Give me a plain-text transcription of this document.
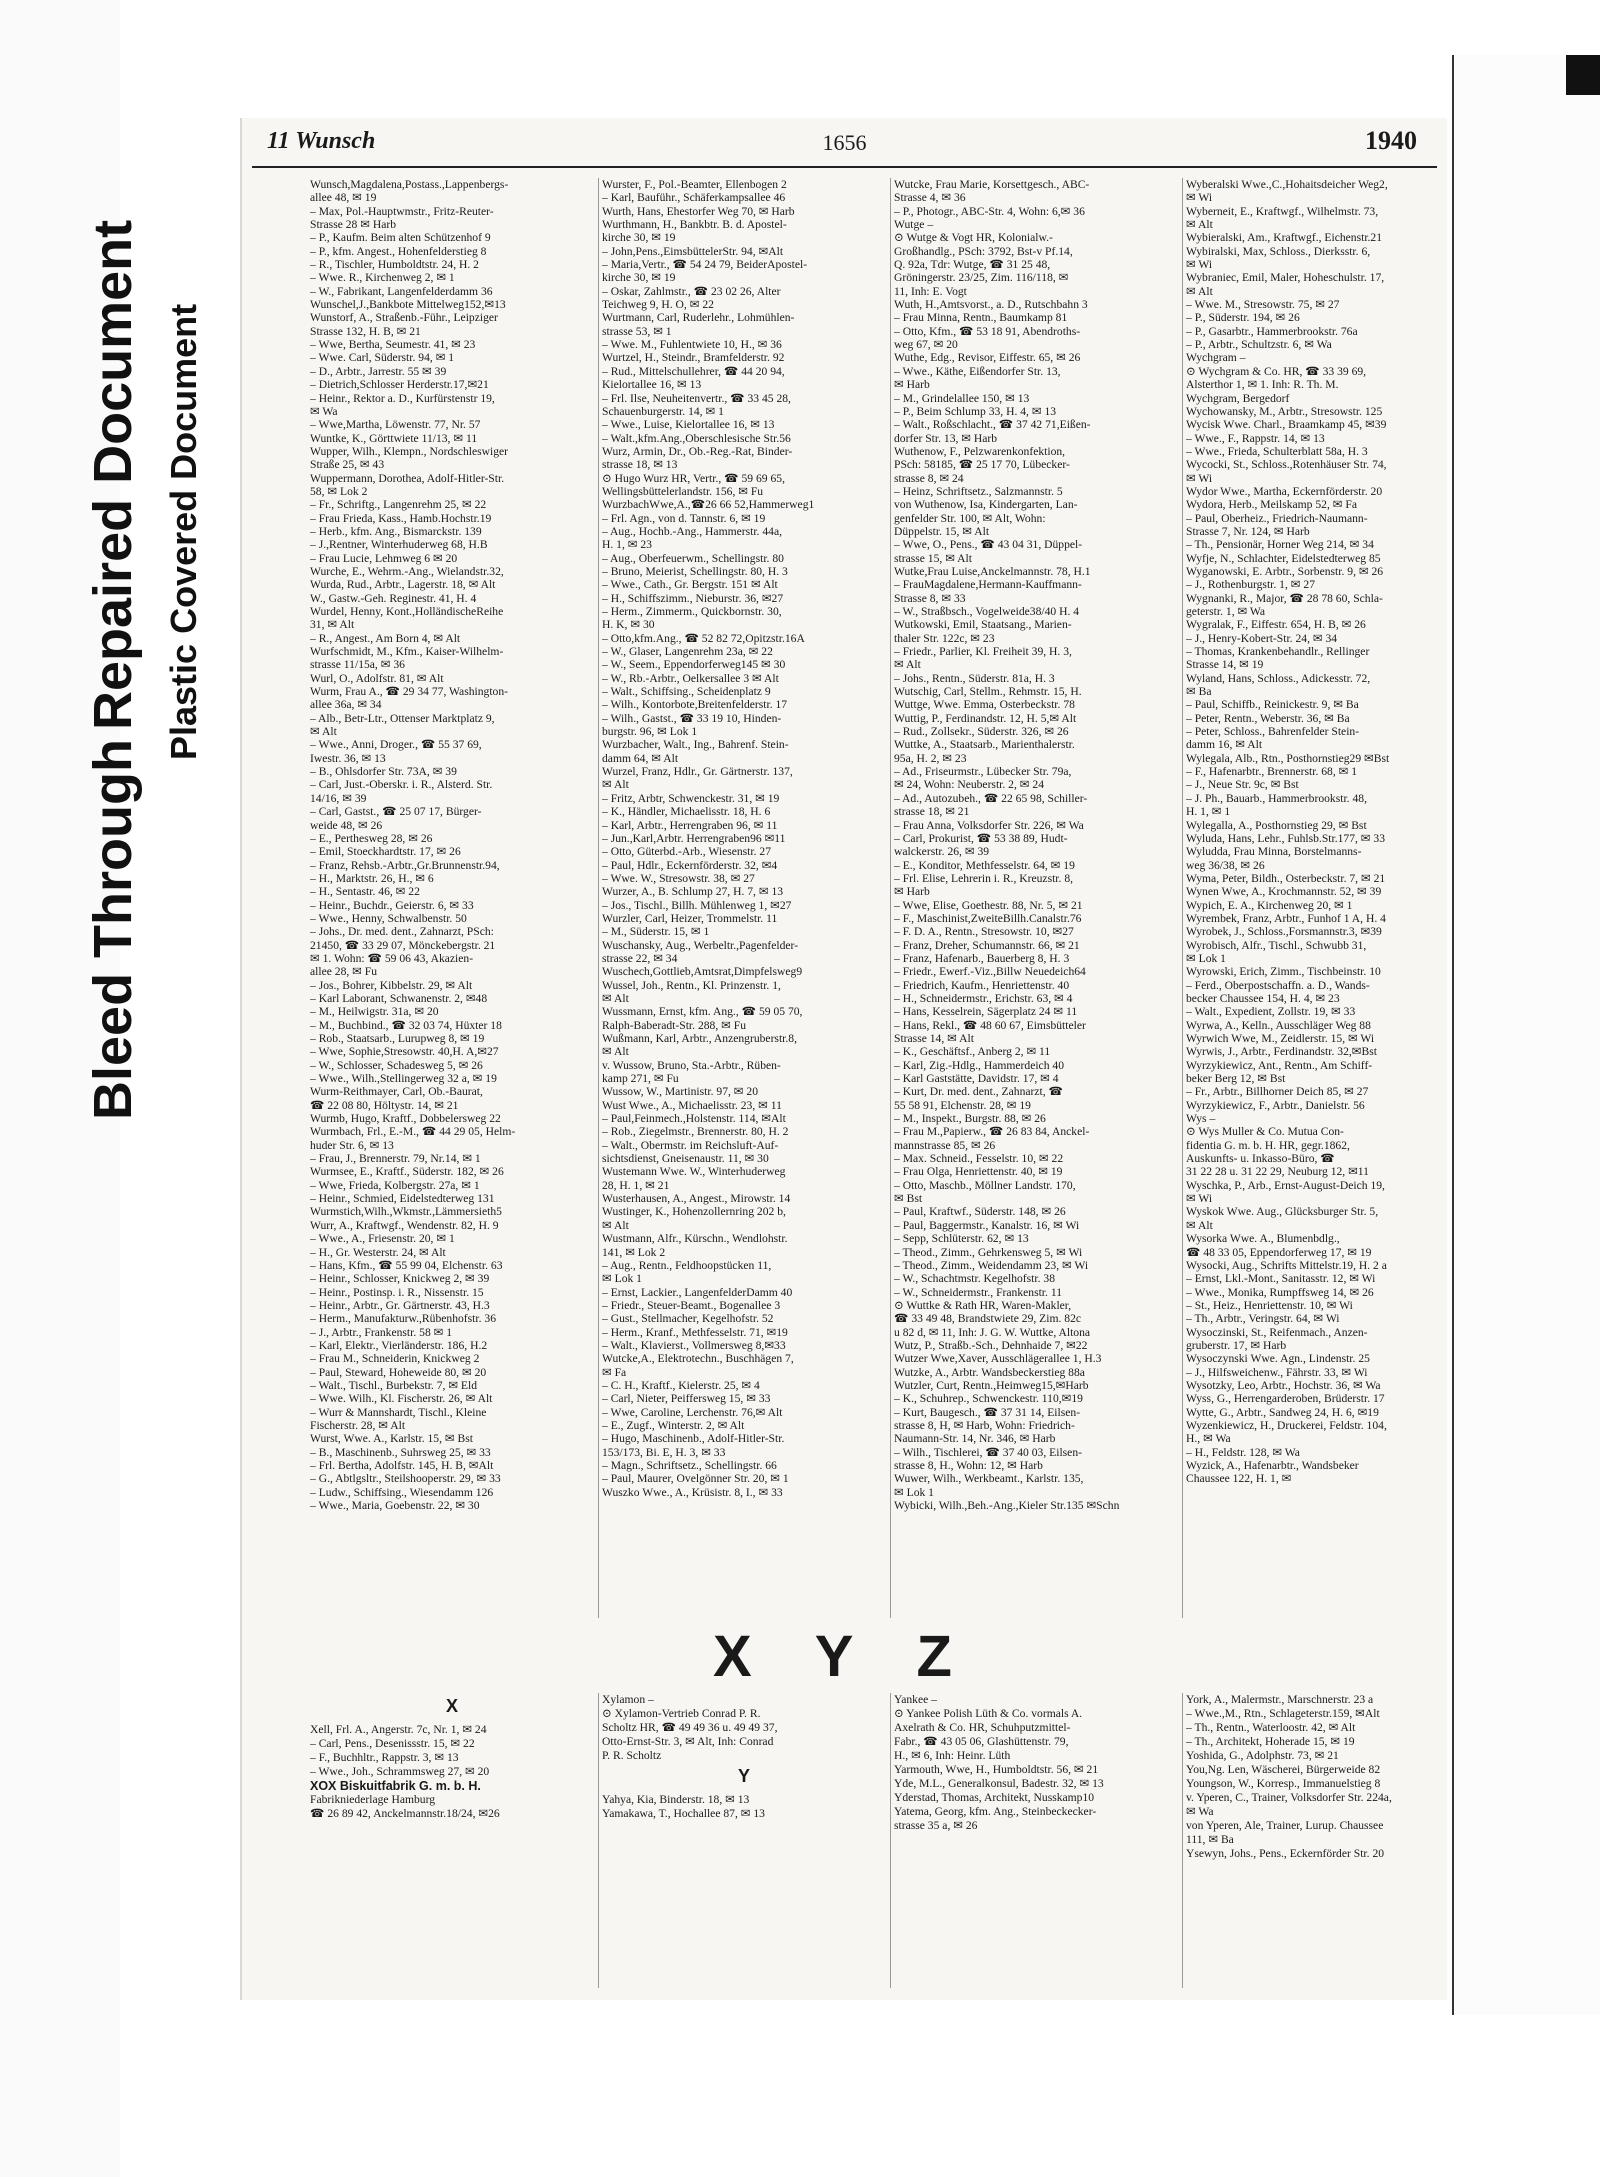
Bleed Through
Repaired Document Plastic Covered Document
11 Wunsch	1656	1940
Wunsch,Magdalena,Postass.,Lappenbergs-
allee 48, ✉ 19
– Max, Pol.-Hauptwmstr., Fritz-Reuter-
Strasse 28 ✉ Harb
– P., Kaufm. Beim alten Schützenhof 9
– P., kfm. Angest., Hohenfelderstieg 8
– R., Tischler, Humboldtstr. 24, H. 2
– Wwe. R., Kirchenweg 2, ✉ 1
– W., Fabrikant, Langenfelderdamm 36
Wunschel,J.,Bankbote Mittelweg152,✉13
Wunstorf, A., Straßenb.-Führ., Leipziger
Strasse 132, H. B, ✉ 21
– Wwe, Bertha, Seumestr. 41, ✉ 23
– Wwe. Carl, Süderstr. 94, ✉ 1
– D., Arbtr., Jarrestr. 55 ✉ 39
– Dietrich,Schlosser Herderstr.17,✉21
– Heinr., Rektor a. D., Kurfürstenstr 19,
✉ Wa
– Wwe,Martha, Löwenstr. 77, Nr. 57
Wuntke, K., Görttwiete 11/13, ✉ 11
Wupper, Wilh., Klempn., Nordschleswiger
Straße 25, ✉ 43
Wuppermann, Dorothea, Adolf-Hitler-Str.
58, ✉ Lok 2
– Fr., Schriftg., Langenrehm 25, ✉ 22
– Frau Frieda, Kass., Hamb.Hochstr.19
– Herb., kfm. Ang., Bismarckstr. 139
– J.,Rentner, Winterhuderweg 68, H.B
– Frau Lucie, Lehmweg 6 ✉ 20
Wurche, E., Wehrm.-Ang., Wielandstr.32,
Wurda, Rud., Arbtr., Lagerstr. 18, ✉ Alt
W., Gastw.-Geh. Reginestr. 41, H. 4
Wurdel, Henny, Kont.,HolländischeReihe
31, ✉ Alt
– R., Angest., Am Born 4, ✉ Alt
Wurfschmidt, M., Kfm., Kaiser-Wilhelm-
strasse 11/15a, ✉ 36
Wurl, O., Adolfstr. 81, ✉ Alt
Wurm, Frau A., ☎ 29 34 77, Washington-
allee 36a, ✉ 34
– Alb., Betr-Ltr., Ottenser Marktplatz 9,
✉ Alt
– Wwe., Anni, Droger., ☎ 55 37 69,
Iwestr. 36, ✉ 13
– B., Ohlsdorfer Str. 73A, ✉ 39
– Carl, Just.-Oberskr. i. R., Alsterd. Str.
14/16, ✉ 39
– Carl, Gastst., ☎ 25 07 17, Bürger-
weide 48, ✉ 26
– E., Perthesweg 28, ✉ 26
– Emil, Stoeckhardtstr. 17, ✉ 26
– Franz, Rehsb.-Arbtr.,Gr.Brunnenstr.94,
– H., Marktstr. 26, H., ✉ 6
– H., Sentastr. 46, ✉ 22
– Heinr., Buchdr., Geierstr. 6, ✉ 33
– Wwe., Henny, Schwalbenstr. 50
– Johs., Dr. med. dent., Zahnarzt, PSch:
21450, ☎ 33 29 07, Mönckebergstr. 21
✉ 1. Wohn: ☎ 59 06 43, Akazien-
allee 28, ✉ Fu
– Jos., Bohrer, Kibbelstr. 29, ✉ Alt
– Karl Laborant, Schwanenstr. 2, ✉48
– M., Heilwigstr. 31a, ✉ 20
– M., Buchbind., ☎ 32 03 74, Hüxter 18
– Rob., Staatsarb., Lurupweg 8, ✉ 19
– Wwe, Sophie,Stresowstr. 40,H. A,✉27
– W., Schlosser, Schadesweg 5, ✉ 26
– Wwe., Wilh.,Stellingerweg 32 a, ✉ 19
Wurm-Reithmayer, Carl, Ob.-Baurat,
☎ 22 08 80, Höltystr. 14, ✉ 21
Wurmb, Hugo, Kraftf., Dobbelersweg 22
Wurmbach, Frl., E.-M., ☎ 44 29 05, Helm-
huder Str. 6, ✉ 13
– Frau, J., Brennerstr. 79, Nr.14, ✉ 1
Wurmsee, E., Kraftf., Süderstr. 182, ✉ 26
– Wwe, Frieda, Kolbergstr. 27a, ✉ 1
– Heinr., Schmied, Eidelstedterweg 131
Wurmstich,Wilh.,Wkmstr.,Lämmersieth5
Wurr, A., Kraftwgf., Wendenstr. 82, H. 9
– Wwe., A., Friesenstr. 20, ✉ 1
– H., Gr. Westerstr. 24, ✉ Alt
– Hans, Kfm., ☎ 55 99 04, Elchenstr. 63
– Heinr., Schlosser, Knickweg 2, ✉ 39
– Heinr., Postinsp. i. R., Nissenstr. 15
– Heinr., Arbtr., Gr. Gärtnerstr. 43, H.3
– Herm., Manufakturw.,Rübenhofstr. 36
– J., Arbtr., Frankenstr. 58 ✉ 1
– Karl, Elektr., Vierländerstr. 186, H.2
– Frau M., Schneiderin, Knickweg 2
– Paul, Steward, Hoheweide 80, ✉ 20
– Walt., Tischl., Burbekstr. 7, ✉ Eld
– Wwe. Wilh., Kl. Fischerstr. 26, ✉ Alt
– Wurr & Mannshardt, Tischl., Kleine
Fischerstr. 28, ✉ Alt
Wurst, Wwe. A., Karlstr. 15, ✉ Bst
– B., Maschinenb., Suhrsweg 25, ✉ 33
– Frl. Bertha, Adolfstr. 145, H. B, ✉Alt
– G., Abtlgsltr., Steilshooperstr. 29, ✉ 33
– Ludw., Schiffsing., Wiesendamm 126
– Wwe., Maria, Goebenstr. 22, ✉ 30
Wurster, F., Pol.-Beamter, Ellenbogen 2
– Karl, Bauführ., Schäferkampsallee 46
Wurth, Hans, Ehestorfer Weg 70, ✉ Harb
Wurthmann, H., Bankbtr. B. d. Apostel-
kirche 30, ✉ 19
– John,Pens.,EimsbüttelerStr. 94, ✉Alt
– Maria,Vertr., ☎ 54 24 79, BeiderApostel-
kirche 30, ✉ 19
– Oskar, Zahlmstr., ☎ 23 02 26, Alter
Teichweg 9, H. O, ✉ 22
Wurtmann, Carl, Ruderlehr., Lohmühlen-
strasse 53, ✉ 1
– Wwe. M., Fuhlentwiete 10, H., ✉ 36
Wurtzel, H., Steindr., Bramfelderstr. 92
– Rud., Mittelschullehrer, ☎ 44 20 94,
Kielortallee 16, ✉ 13
– Frl. Ilse, Neuheitenvertr., ☎ 33 45 28,
Schauenburgerstr. 14, ✉ 1
– Wwe., Luise, Kielortallee 16, ✉ 13
– Walt.,kfm.Ang.,Oberschlesische Str.56
Wurz, Armin, Dr., Ob.-Reg.-Rat, Binder-
strasse 18, ✉ 13
⊙ Hugo Wurz HR, Vertr., ☎ 59 69 65,
Wellingsbüttelerlandstr. 156, ✉ Fu
WurzbachWwe,A.,☎26 66 52,Hammerweg1
– Frl. Agn., von d. Tannstr. 6, ✉ 19
– Aug., Hochb.-Ang., Hammerstr. 44a,
H. 1, ✉ 23
– Aug., Oberfeuerwm., Schellingstr. 80
– Bruno, Meierist, Schellingstr. 80, H. 3
– Wwe., Cath., Gr. Bergstr. 151 ✉ Alt
– H., Schiffszimm., Nieburstr. 36, ✉27
– Herm., Zimmerm., Quickbornstr. 30,
H. K, ✉ 30
– Otto,kfm.Ang., ☎ 52 82 72,Opitzstr.16A
– W., Glaser, Langenrehm 23a, ✉ 22
– W., Seem., Eppendorferweg145 ✉ 30
– W., Rb.-Arbtr., Oelkersallee 3 ✉ Alt
– Walt., Schiffsing., Scheidenplatz 9
– Wilh., Kontorbote,Breitenfelderstr. 17
– Wilh., Gastst., ☎ 33 19 10, Hinden-
burgstr. 96, ✉ Lok 1
Wurzbacher, Walt., Ing., Bahrenf. Stein-
damm 64, ✉ Alt
Wurzel, Franz, Hdlr., Gr. Gärtnerstr. 137,
✉ Alt
– Fritz, Arbtr, Schwenckestr. 31, ✉ 19
– K., Händler, Michaelisstr. 18, H. 6
– Karl, Arbtr., Herrengraben 96, ✉ 11
– Jun.,Karl,Arbtr. Herrengraben96 ✉11
– Otto, Güterbd.-Arb., Wiesenstr. 27
– Paul, Hdlr., Eckernförderstr. 32, ✉4
– Wwe. W., Stresowstr. 38, ✉ 27
Wurzer, A., B. Schlump 27, H. 7, ✉ 13
– Jos., Tischl., Billh. Mühlenweg 1, ✉27
Wurzler, Carl, Heizer, Trommelstr. 11
– M., Süderstr. 15, ✉ 1
Wuschansky, Aug., Werbeltr.,Pagenfelder-
strasse 22, ✉ 34
Wuschech,Gottlieb,Amtsrat,Dimpfelsweg9
Wussel, Joh., Rentn., Kl. Prinzenstr. 1,
✉ Alt
Wussmann, Ernst, kfm. Ang., ☎ 59 05 70,
Ralph-Baberadt-Str. 288, ✉ Fu
Wußmann, Karl, Arbtr., Anzengruberstr.8,
✉ Alt
v. Wussow, Bruno, Sta.-Arbtr., Rüben-
kamp 271, ✉ Fu
Wussow, W., Martinistr. 97, ✉ 20
Wust Wwe., A., Michaelisstr. 23, ✉ 11
– Paul,Feinmech.,Holstenstr. 114, ✉Alt
– Rob., Ziegelmstr., Brennerstr. 80, H. 2
– Walt., Obermstr. im Reichsluft-Auf-
sichtsdienst, Gneisenaustr. 11, ✉ 30
Wustemann Wwe. W., Winterhuderweg
28, H. 1, ✉ 21
Wusterhausen, A., Angest., Mirowstr. 14
Wustinger, K., Hohenzollernring 202 b,
✉ Alt
Wustmann, Alfr., Kürschn., Wendlohstr.
141, ✉ Lok 2
– Aug., Rentn., Feldhoopstücken 11,
✉ Lok 1
– Ernst, Lackier., LangenfelderDamm 40
– Friedr., Steuer-Beamt., Bogenallee 3
– Gust., Stellmacher, Kegelhofstr. 52
– Herm., Kranf., Methfesselstr. 71, ✉19
– Walt., Klavierst., Vollmersweg 8,✉33
Wutcke,A., Elektrotechn., Buschhägen 7,
✉ Fa
– C. H., Kraftf., Kielerstr. 25, ✉ 4
– Carl, Nieter, Peiffersweg 15, ✉ 33
– Wwe, Caroline, Lerchenstr. 76,✉ Alt
– E., Zugf., Winterstr. 2, ✉ Alt
– Hugo, Maschinenb., Adolf-Hitler-Str.
153/173, Bi. E, H. 3, ✉ 33
– Magn., Schriftsetz., Schellingstr. 66
– Paul, Maurer, Ovelgönner Str. 20, ✉ 1
Wuszko Wwe., A., Krüsistr. 8, I., ✉ 33
Wutcke, Frau Marie, Korsettgesch., ABC-
Strasse 4, ✉ 36
– P., Photogr., ABC-Str. 4, Wohn: 6,✉ 36
Wutge –
⊙ Wutge & Vogt HR, Kolonialw.-
Großhandlg., PSch: 3792, Bst-v Pf.14,
Q. 92a, Tdr: Wutge, ☎ 31 25 48,
Gröningerstr. 23/25, Zim. 116/118, ✉
11, Inh: E. Vogt
Wuth, H.,Amtsvorst., a. D., Rutschbahn 3
– Frau Minna, Rentn., Baumkamp 81
– Otto, Kfm., ☎ 53 18 91, Abendroths-
weg 67, ✉ 20
Wuthe, Edg., Revisor, Eiffestr. 65, ✉ 26
– Wwe., Käthe, Eißendorfer Str. 13,
✉ Harb
– M., Grindelallee 150, ✉ 13
– P., Beim Schlump 33, H. 4, ✉ 13
– Walt., Roßschlacht., ☎ 37 42 71,Eißen-
dorfer Str. 13, ✉ Harb
Wuthenow, F., Pelzwarenkonfektion,
PSch: 58185, ☎ 25 17 70, Lübecker-
strasse 8, ✉ 24
– Heinz, Schriftsetz., Salzmannstr. 5
von Wuthenow, Isa, Kindergarten, Lan-
genfelder Str. 100, ✉ Alt, Wohn:
Düppelstr. 15, ✉ Alt
– Wwe, O., Pens., ☎ 43 04 31, Düppel-
strasse 15, ✉ Alt
Wutke,Frau Luise,Anckelmannstr. 78, H.1
– FrauMagdalene,Hermann-Kauffmann-
Strasse 8, ✉ 33
– W., Straßbsch., Vogelweide38/40 H. 4
Wutkowski, Emil, Staatsang., Marien-
thaler Str. 122c, ✉ 23
– Friedr., Parlier, Kl. Freiheit 39, H. 3,
✉ Alt
– Johs., Rentn., Süderstr. 81a, H. 3
Wutschig, Carl, Stellm., Rehmstr. 15, H.
Wuttge, Wwe. Emma, Osterbeckstr. 78
Wuttig, P., Ferdinandstr. 12, H. 5,✉ Alt
– Rud., Zollsekr., Süderstr. 326, ✉ 26
Wuttke, A., Staatsarb., Marienthalerstr.
95a, H. 2, ✉ 23
– Ad., Friseurmstr., Lübecker Str. 79a,
✉ 24, Wohn: Neuberstr. 2, ✉ 24
– Ad., Autozubeh., ☎ 22 65 98, Schiller-
strasse 18, ✉ 21
– Frau Anna, Volksdorfer Str. 226, ✉ Wa
– Carl, Prokurist, ☎ 53 38 89, Hudt-
walckerstr. 26, ✉ 39
– E., Konditor, Methfesselstr. 64, ✉ 19
– Frl. Elise, Lehrerin i. R., Kreuzstr. 8,
✉ Harb
– Wwe, Elise, Goethestr. 88, Nr. 5, ✉ 21
– F., Maschinist,ZweiteBillh.Canalstr.76
– F. D. A., Rentn., Stresowstr. 10, ✉27
– Franz, Dreher, Schumannstr. 66, ✉ 21
– Franz, Hafenarb., Bauerberg 8, H. 3
– Friedr., Ewerf.-Viz.,Billw Neuedeich64
– Friedrich, Kaufm., Henriettenstr. 40
– H., Schneidermstr., Erichstr. 63, ✉ 4
– Hans, Kesselrein, Sägerplatz 24 ✉ 11
– Hans, Rekl., ☎ 48 60 67, Eimsbütteler
Strasse 14, ✉ Alt
– K., Geschäftsf., Anberg 2, ✉ 11
– Karl, Zig.-Hdlg., Hammerdeich 40
– Karl Gaststätte, Davidstr. 17, ✉ 4
– Kurt, Dr. med. dent., Zahnarzt, ☎
55 58 91, Elchenstr. 28, ✉ 19
– M., Inspekt., Burgstr. 88, ✉ 26
– Frau M.,Papierw., ☎ 26 83 84, Anckel-
mannstrasse 85, ✉ 26
– Max. Schneid., Fesselstr. 10, ✉ 22
– Frau Olga, Henriettenstr. 40, ✉ 19
– Otto, Maschb., Möllner Landstr. 170,
✉ Bst
– Paul, Kraftwf., Süderstr. 148, ✉ 26
– Paul, Baggermstr., Kanalstr. 16, ✉ Wi
– Sepp, Schlüterstr. 62, ✉ 13
– Theod., Zimm., Gehrkensweg 5, ✉ Wi
– Theod., Zimm., Weidendamm 23, ✉ Wi
– W., Schachtmstr. Kegelhofstr. 38
– W., Schneidermstr., Frankenstr. 11
⊙ Wuttke & Rath HR, Waren-Makler,
☎ 33 49 48, Brandstwiete 29, Zim. 82c
u 82 d, ✉ 11, Inh: J. G. W. Wuttke, Altona
Wutz, P., Straßb.-Sch., Dehnhaide 7, ✉22
Wutzer Wwe,Xaver, Ausschlägerallee 1, H.3
Wutzke, A., Arbtr. Wandsbeckerstieg 88a
Wutzler, Curt, Rentn.,Heimweg15,✉Harb
– K., Schuhrep., Schwenckestr. 110,✉19
– Kurt, Baugesch., ☎ 37 31 14, Eilsen-
strasse 8, H, ✉ Harb, Wohn: Friedrich-
Naumann-Str. 14, Nr. 346, ✉ Harb
– Wilh., Tischlerei, ☎ 37 40 03, Eilsen-
strasse 8, H., Wohn: 12, ✉ Harb
Wuwer, Wilh., Werkbeamt., Karlstr. 135,
✉ Lok 1
Wybicki, Wilh.,Beh.-Ang.,Kieler Str.135 ✉Schn
Wyberalski Wwe.,C.,Hohaitsdeicher Weg2,
✉ Wi
Wyberneit, E., Kraftwgf., Wilhelmstr. 73,
✉ Alt
Wybieralski, Am., Kraftwgf., Eichenstr.21
Wybiralski, Max, Schloss., Dierksstr. 6,
✉ Wi
Wybraniec, Emil, Maler, Hoheschulstr. 17,
✉ Alt
– Wwe. M., Stresowstr. 75, ✉ 27
– P., Süderstr. 194, ✉ 26
– P., Gasarbtr., Hammerbrookstr. 76a
– P., Arbtr., Schultzstr. 6, ✉ Wa
Wychgram –
⊙ Wychgram & Co. HR, ☎ 33 39 69,
Alsterthor 1, ✉ 1. Inh: R. Th. M.
Wychgram, Bergedorf
Wychowansky, M., Arbtr., Stresowstr. 125
Wycisk Wwe. Charl., Braamkamp 45, ✉39
– Wwe., F., Rappstr. 14, ✉ 13
– Wwe., Frieda, Schulterblatt 58a, H. 3
Wycocki, St., Schloss.,Rotenhäuser Str. 74,
✉ Wi
Wydor Wwe., Martha, Eckernförderstr. 20
Wydora, Herb., Meilskamp 52, ✉ Fa
– Paul, Oberheiz., Friedrich-Naumann-
Strasse 7, Nr. 124, ✉ Harb
– Th., Pensionär, Horner Weg 214, ✉ 34
Wyfje, N., Schlachter, Eidelstedterweg 85
Wyganowski, E. Arbtr., Sorbenstr. 9, ✉ 26
– J., Rothenburgstr. 1, ✉ 27
Wygnanki, R., Major, ☎ 28 78 60, Schla-
geterstr. 1, ✉ Wa
Wygralak, F., Eiffestr. 654, H. B, ✉ 26
– J., Henry-Kobert-Str. 24, ✉ 34
– Thomas, Krankenbehandlr., Rellinger
Strasse 14, ✉ 19
Wyland, Hans, Schloss., Adickesstr. 72,
✉ Ba
– Paul, Schiffb., Reinickestr. 9, ✉ Ba
– Peter, Rentn., Weberstr. 36, ✉ Ba
– Peter, Schloss., Bahrenfelder Stein-
damm 16, ✉ Alt
Wylegala, Alb., Rtn., Posthornstieg29 ✉Bst
– F., Hafenarbtr., Brennerstr. 68, ✉ 1
– J., Neue Str. 9c, ✉ Bst
– J. Ph., Bauarb., Hammerbrookstr. 48,
H. 1, ✉ 1
Wylegalla, A., Posthornstieg 29, ✉ Bst
Wyluda, Hans, Lehr., Fuhlsb.Str.177, ✉ 33
Wyludda, Frau Minna, Borstelmanns-
weg 36/38, ✉ 26
Wyma, Peter, Bildh., Osterbeckstr. 7, ✉ 21
Wynen Wwe, A., Krochmannstr. 52, ✉ 39
Wypich, E. A., Kirchenweg 20, ✉ 1
Wyrembek, Franz, Arbtr., Funhof 1 A, H. 4
Wyrobek, J., Schloss.,Forsmannstr.3, ✉39
Wyrobisch, Alfr., Tischl., Schwubb 31,
✉ Lok 1
Wyrowski, Erich, Zimm., Tischbeinstr. 10
– Ferd., Oberpostschaffn. a. D., Wands-
becker Chaussee 154, H. 4, ✉ 23
– Walt., Expedient, Zollstr. 19, ✉ 33
Wyrwa, A., Kelln., Ausschläger Weg 88
Wyrwich Wwe, M., Zeidlerstr. 15, ✉ Wi
Wyrwis, J., Arbtr., Ferdinandstr. 32,✉Bst
Wyrzykiewicz, Ant., Rentn., Am Schiff-
beker Berg 12, ✉ Bst
– Fr., Arbtr., Billhorner Deich 85, ✉ 27
Wyrzykiewicz, F., Arbtr., Danielstr. 56
Wys –
⊙ Wys Muller & Co. Mutua Con-
fidentia G. m. b. H. HR, gegr.1862,
Auskunfts- u. Inkasso-Büro, ☎
31 22 28 u. 31 22 29, Neuburg 12, ✉11
Wyschka, P., Arb., Ernst-August-Deich 19,
✉ Wi
Wyskok Wwe. Aug., Glücksburger Str. 5,
✉ Alt
Wysorka Wwe. A., Blumenbdlg.,
☎ 48 33 05, Eppendorferweg 17, ✉ 19
Wysocki, Aug., Schrifts Mittelstr.19, H. 2 a
– Ernst, Lkl.-Mont., Sanitasstr. 12, ✉ Wi
– Wwe., Monika, Rumpffsweg 14, ✉ 26
– St., Heiz., Henriettenstr. 10, ✉ Wi
– Th., Arbtr., Veringstr. 64, ✉ Wi
Wysoczinski, St., Reifenmach., Anzen-
gruberstr. 17, ✉ Harb
Wysoczynski Wwe. Agn., Lindenstr. 25
– J., Hilfsweichenw., Fährstr. 33, ✉ Wi
Wysotzky, Leo, Arbtr., Hochstr. 36, ✉ Wa
Wyss, G., Herrengarderoben, Brüderstr. 17
Wytte, G., Arbtr., Sandweg 24, H. 6, ✉19
Wyzenkiewicz, H., Druckerei, Feldstr. 104,
H., ✉ Wa
– H., Feldstr. 128, ✉ Wa
Wyzick, A., Hafenarbtr., Wandsbeker
Chaussee 122, H. 1, ✉
X Y Z
X
Xell, Frl. A., Angerstr. 7c, Nr. 1, ✉ 24
– Carl, Pens., Desenissstr. 15, ✉ 22
– F., Buchhltr., Rappstr. 3, ✉ 13
– Wwe., Joh., Schrammsweg 27, ✉ 20
XOX Biskuitfabrik G. m. b. H.
Fabrikniederlage Hamburg
☎ 26 89 42, Anckelmannstr.18/24, ✉26
Xylamon –
⊙ Xylamon-Vertrieb Conrad P. R.
Scholtz HR, ☎ 49 49 36 u. 49 49 37,
Otto-Ernst-Str. 3, ✉ Alt, Inh: Conrad
P. R. Scholtz
Y
Yahya, Kia, Binderstr. 18, ✉ 13
Yamakawa, T., Hochallee 87, ✉ 13
Yankee –
⊙ Yankee Polish Lüth & Co. vormals A.
Axelrath & Co. HR, Schuhputzmittel-
Fabr., ☎ 43 05 06, Glashüttenstr. 79,
H., ✉ 6, Inh: Heinr. Lüth
Yarmouth, Wwe, H., Humboldtstr. 56, ✉ 21
Yde, M.L., Generalkonsul, Badestr. 32, ✉ 13
Yderstad, Thomas, Architekt, Nusskamp10
Yatema, Georg, kfm. Ang., Steinbeckecker-
strasse 35 a, ✉ 26
York, A., Malermstr., Marschnerstr. 23 a
– Wwe.,M., Rtn., Schlageterstr.159, ✉Alt
– Th., Rentn., Waterloostr. 42, ✉ Alt
– Th., Architekt, Hoherade 15, ✉ 19
Yoshida, G., Adolphstr. 73, ✉ 21
You,Ng. Len, Wäscherei, Bürgerweide 82
Youngson, W., Korresp., Immanuelstieg 8
v. Yperen, C., Trainer, Volksdorfer Str. 224a,
✉ Wa
von Yperen, Ale, Trainer, Lurup. Chaussee
111, ✉ Ba
Ysewyn, Johs., Pens., Eckernförder Str. 20
